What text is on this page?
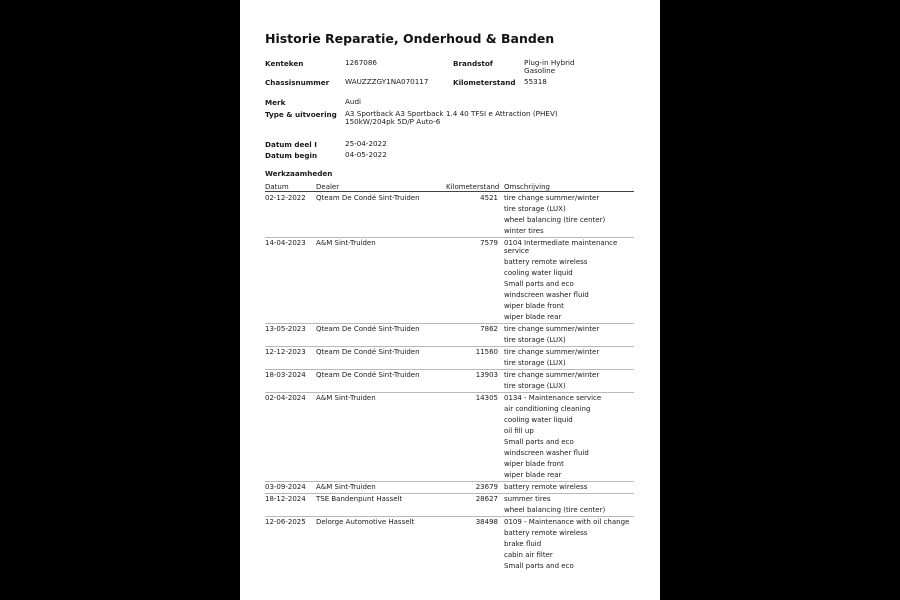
Historie Reparatie, Onderhoud & Banden
Kenteken	1267086	Brandstof	Plug-in Hybrid
Gasoline
Chassisnummer WAUZZZGY1NA070117	Kilometerstand 55318
Merk	Audi
Type & uitvoering A3 Sportback A3 Sportback 1.4 40 TFSI e Attraction (PHEV)
150kW/204pk 5D/P Auto-6
Datum deel I	25-04-2022
Datum begin	04-05-2022
Werkzaamheden
Datum	Dealer	Kilometerstand Omschrijving
02-12-2022 Qteam De Condé Sint-Truiden	4521 tire change summer/winter
tire storage (LUX)
wheel balancing (tire center)
winter tires
14-04-2023 A&M Sint-Truiden	7579 0104 Intermediate maintenance
service
battery remote wireless
cooling water liquid
Small parts and eco
windscreen washer fluid
wiper blade front
wiper blade rear
13-05-2023 Qteam De Condé Sint-Truiden	7862 tire change summer/winter
tire storage (LUX)
12-12-2023 Qteam De Condé Sint-Truiden	11560 tire change summer/winter
tire storage (LUX)
18-03-2024 Qteam De Condé Sint-Truiden	13903 tire change summer/winter
tire storage (LUX)
02-04-2024 A&M Sint-Truiden	14305 0134 - Maintenance service
air conditioning cleaning
cooling water liquid
oil fill up
Small parts and eco
windscreen washer fluid
wiper blade front
wiper blade rear
03-09-2024 A&M Sint-Truiden	23679 battery remote wireless
18-12-2024 TSE Bandenpunt Hasselt	28627 summer tires
wheel balancing (tire center)
12-06-2025 Delorge Automotive Hasselt	38498 0109 - Maintenance with oil change
battery remote wireless
brake fluid
cabin air filter
Small parts and eco
